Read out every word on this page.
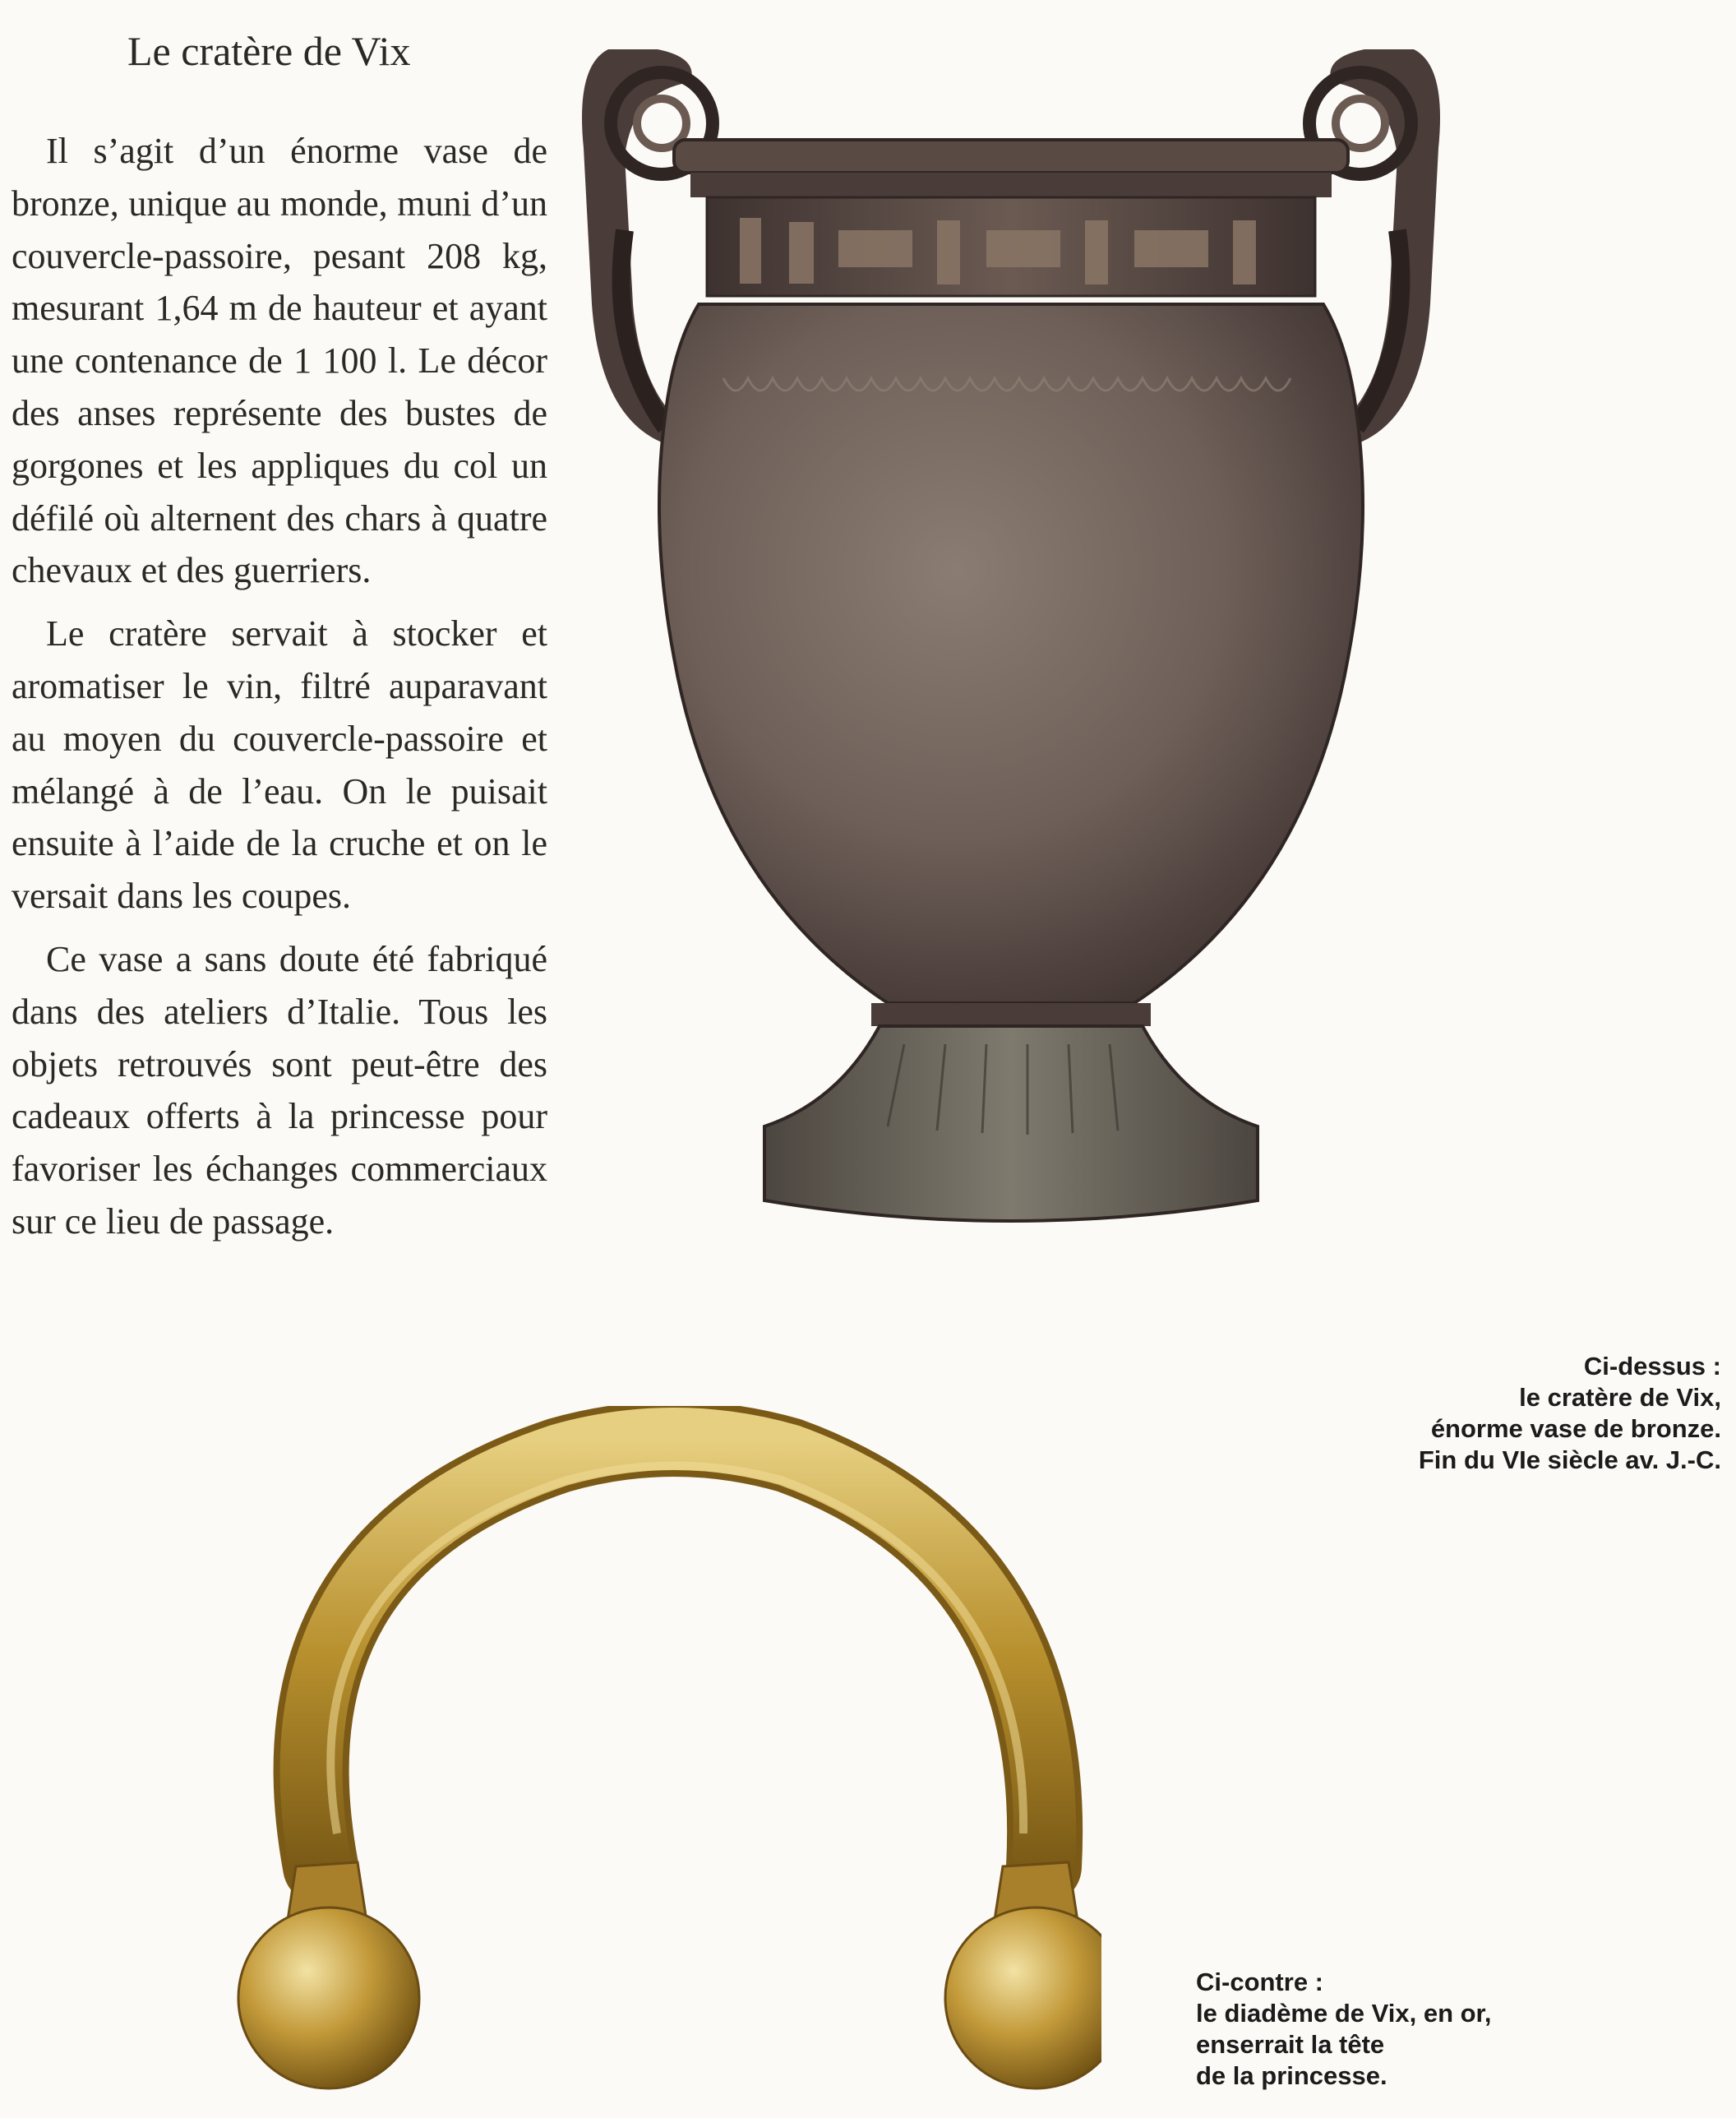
Le cratère de Vix

Il s’agit d’un énorme vase de bronze, unique au monde, muni d’un couvercle-passoire, pesant 208 kg, mesurant 1,64 m de hauteur et ayant une contenance de 1 100 l. Le décor des anses représente des bustes de gorgones et les appliques du col un défilé où alternent des chars à quatre chevaux et des guerriers.

Le cratère servait à stocker et aromatiser le vin, filtré auparavant au moyen du couvercle-passoire et mélangé à de l’eau. On le puisait ensuite à l’aide de la cruche et on le versait dans les coupes.

Ce vase a sans doute été fabriqué dans des ateliers d’Italie. Tous les objets retrouvés sont peut-être des cadeaux offerts à la princesse pour favoriser les échanges commerciaux sur ce lieu de passage.

Ci-dessus :
le cratère de Vix,
énorme vase de bronze.
Fin du VIe siècle av. J.-C.
Ci-contre :
le diadème de Vix, en or,
enserrait la tête
de la princesse.
